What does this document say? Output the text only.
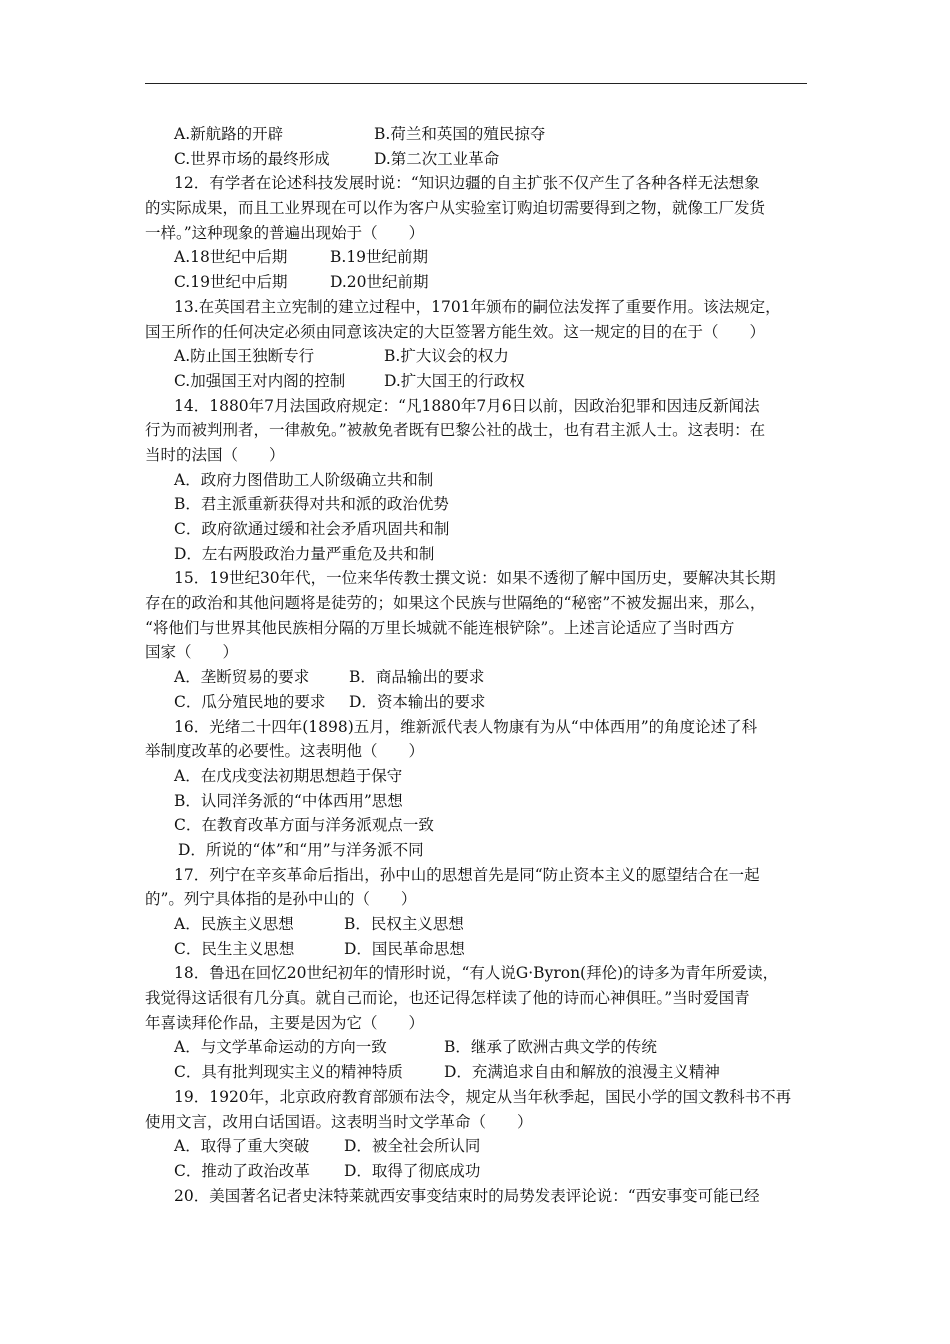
A.新航路的开辟	B.荷兰和英国的殖民掠夺
C.世界市场的最终形成	D.第二次工业革命
12．有学者在论述科技发展时说：“知识边疆的自主扩张不仅产生了各种各样无法想象
的实际成果，而且工业界现在可以作为客户从实验室订购迫切需要得到之物，就像工厂发货
一样。”这种现象的普遍出现始于（　　）
A.18世纪中后期	B.19世纪前期
C.19世纪中后期	D.20世纪前期
13.在英国君主立宪制的建立过程中，1701年颁布的嗣位法发挥了重要作用。该法规定，
国王所作的任何决定必须由同意该决定的大臣签署方能生效。这一规定的目的在于（　　）
A.防止国王独断专行	B.扩大议会的权力
C.加强国王对内阁的控制	D.扩大国王的行政权
14．1880年7月法国政府规定：“凡1880年7月6日以前，因政治犯罪和因违反新闻法
行为而被判刑者，一律赦免。”被赦免者既有巴黎公社的战士，也有君主派人士。这表明：在
当时的法国（　　）
A．政府力图借助工人阶级确立共和制
B．君主派重新获得对共和派的政治优势
C．政府欲通过缓和社会矛盾巩固共和制
D．左右两股政治力量严重危及共和制
15．19世纪30年代，一位来华传教士撰文说：如果不透彻了解中国历史，要解决其长期
存在的政治和其他问题将是徒劳的；如果这个民族与世隔绝的“秘密”不被发掘出来，那么，
“将他们与世界其他民族相分隔的万里长城就不能连根铲除”。上述言论适应了当时西方
国家（　　）
A．垄断贸易的要求	B．商品输出的要求
C．瓜分殖民地的要求 D．资本输出的要求
16．光绪二十四年(1898)五月，维新派代表人物康有为从“中体西用”的角度论述了科
举制度改革的必要性。这表明他（　　）
A．在戊戌变法初期思想趋于保守
B．认同洋务派的“中体西用”思想
C．在教育改革方面与洋务派观点一致
D．所说的“体”和“用”与洋务派不同
17．列宁在辛亥革命后指出，孙中山的思想首先是同“防止资本主义的愿望结合在一起
的”。列宁具体指的是孙中山的（　　）
A．民族主义思想	B．民权主义思想
C．民生主义思想	D．国民革命思想
18．鲁迅在回忆20世纪初年的情形时说，“有人说G·Byron(拜伦)的诗多为青年所爱读，
我觉得这话很有几分真。就自己而论，也还记得怎样读了他的诗而心神俱旺。”当时爱国青
年喜读拜伦作品，主要是因为它（　　）
A．与文学革命运动的方向一致	B．继承了欧洲古典文学的传统
C．具有批判现实主义的精神特质	D．充满追求自由和解放的浪漫主义精神
19．1920年，北京政府教育部颁布法令，规定从当年秋季起，国民小学的国文教科书不再
使用文言，改用白话国语。这表明当时文学革命（　　）
A．取得了重大突破 D．被全社会所认同
C．推动了政治改革 D．取得了彻底成功
20．美国著名记者史沫特莱就西安事变结束时的局势发表评论说：“西安事变可能已经
